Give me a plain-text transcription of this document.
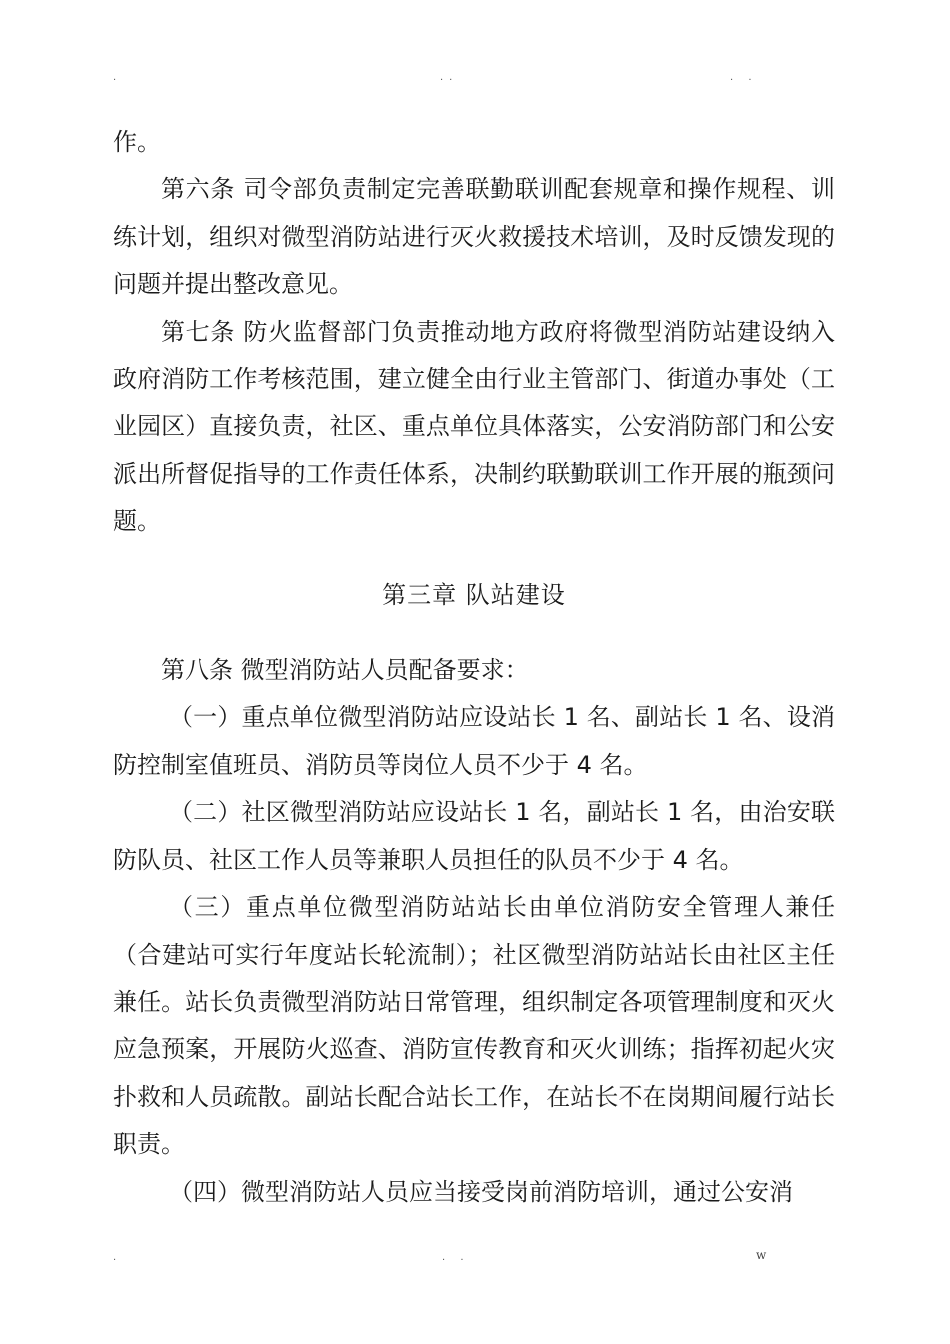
.	..	. .

作。

第六条 司令部负责制定完善联勤联训配套规章和操作规程、训练计划，组织对微型消防站进行灭火救援技术培训，及时反馈发现的问题并提出整改意见。

第七条 防火监督部门负责推动地方政府将微型消防站建设纳入政府消防工作考核范围，建立健全由行业主管部门、街道办事处（工业园区）直接负责，社区、重点单位具体落实，公安消防部门和公安派出所督促指导的工作责任体系，决制约联勤联训工作开展的瓶颈问题。

第三章 队站建设

第八条 微型消防站人员配备要求：

（一）重点单位微型消防站应设站长 1 名、副站长 1 名、设消防控制室值班员、消防员等岗位人员不少于 4 名。

（二）社区微型消防站应设站长 1 名，副站长 1 名，由治安联防队员、社区工作人员等兼职人员担任的队员不少于 4 名。

（三）重点单位微型消防站站长由单位消防安全管理人兼任（合建站可实行年度站长轮流制）；社区微型消防站站长由社区主任兼任。站长负责微型消防站日常管理，组织制定各项管理制度和灭火应急预案，开展防火巡查、消防宣传教育和灭火训练；指挥初起火灾扑救和人员疏散。副站长配合站长工作，在站长不在岗期间履行站长职责。

（四）微型消防站人员应当接受岗前消防培训，通过公安消

.	. .	w
